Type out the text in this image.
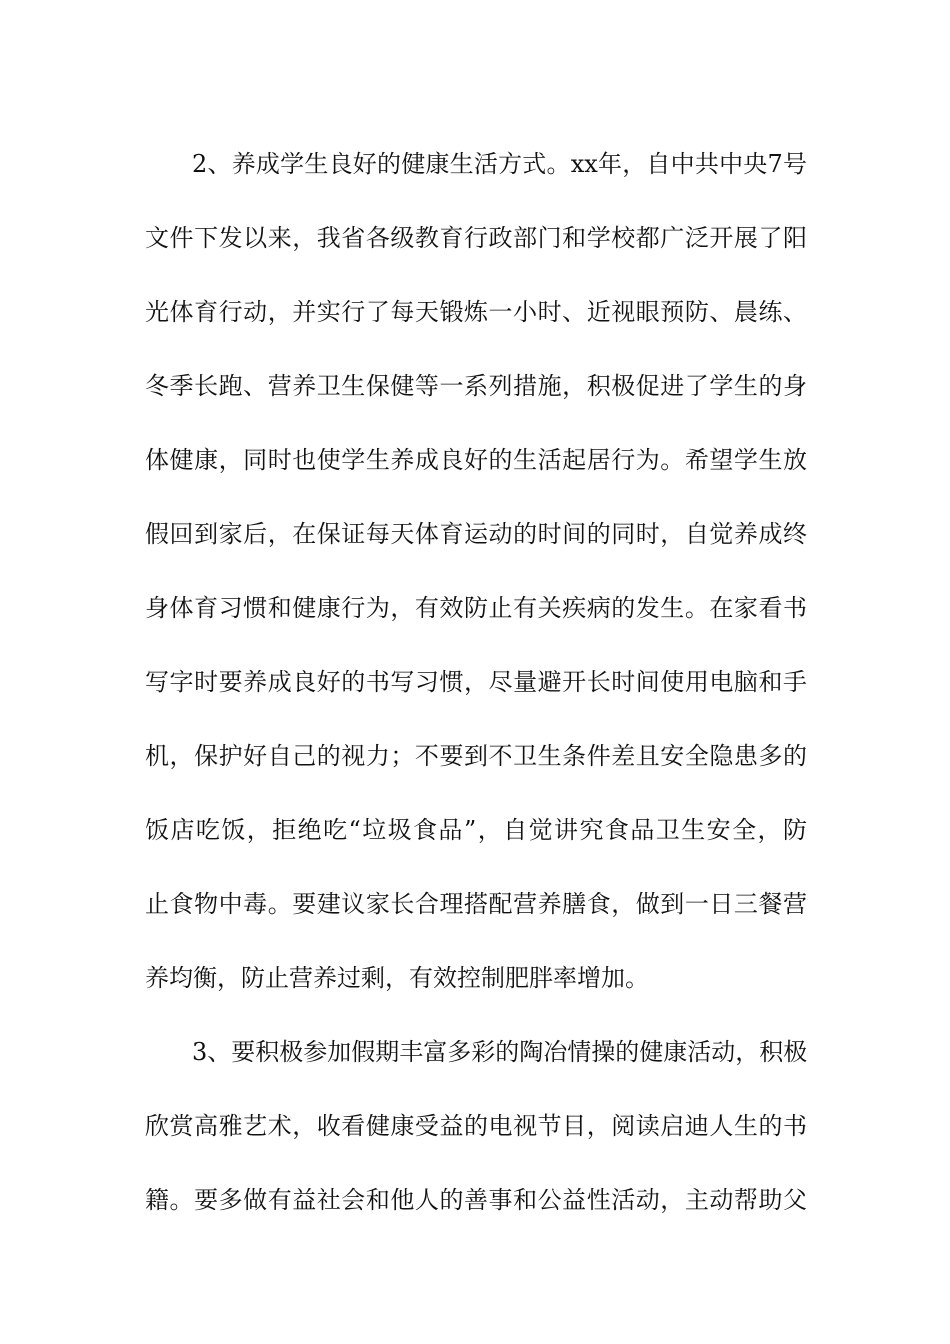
2、养成学生良好的健康生活方式。xx年，自中共中央7号
文件下发以来，我省各级教育行政部门和学校都广泛开展了阳
光体育行动，并实行了每天锻炼一小时、近视眼预防、晨练、
冬季长跑、营养卫生保健等一系列措施，积极促进了学生的身
体健康，同时也使学生养成良好的生活起居行为。希望学生放
假回到家后，在保证每天体育运动的时间的同时，自觉养成终
身体育习惯和健康行为，有效防止有关疾病的发生。在家看书
写字时要养成良好的书写习惯，尽量避开长时间使用电脑和手
机，保护好自己的视力；不要到不卫生条件差且安全隐患多的
饭店吃饭，拒绝吃“垃圾食品”，自觉讲究食品卫生安全，防
止食物中毒。要建议家长合理搭配营养膳食，做到一日三餐营
养均衡，防止营养过剩，有效控制肥胖率增加。
3、要积极参加假期丰富多彩的陶冶情操的健康活动，积极
欣赏高雅艺术，收看健康受益的电视节目，阅读启迪人生的书
籍。要多做有益社会和他人的善事和公益性活动，主动帮助父
